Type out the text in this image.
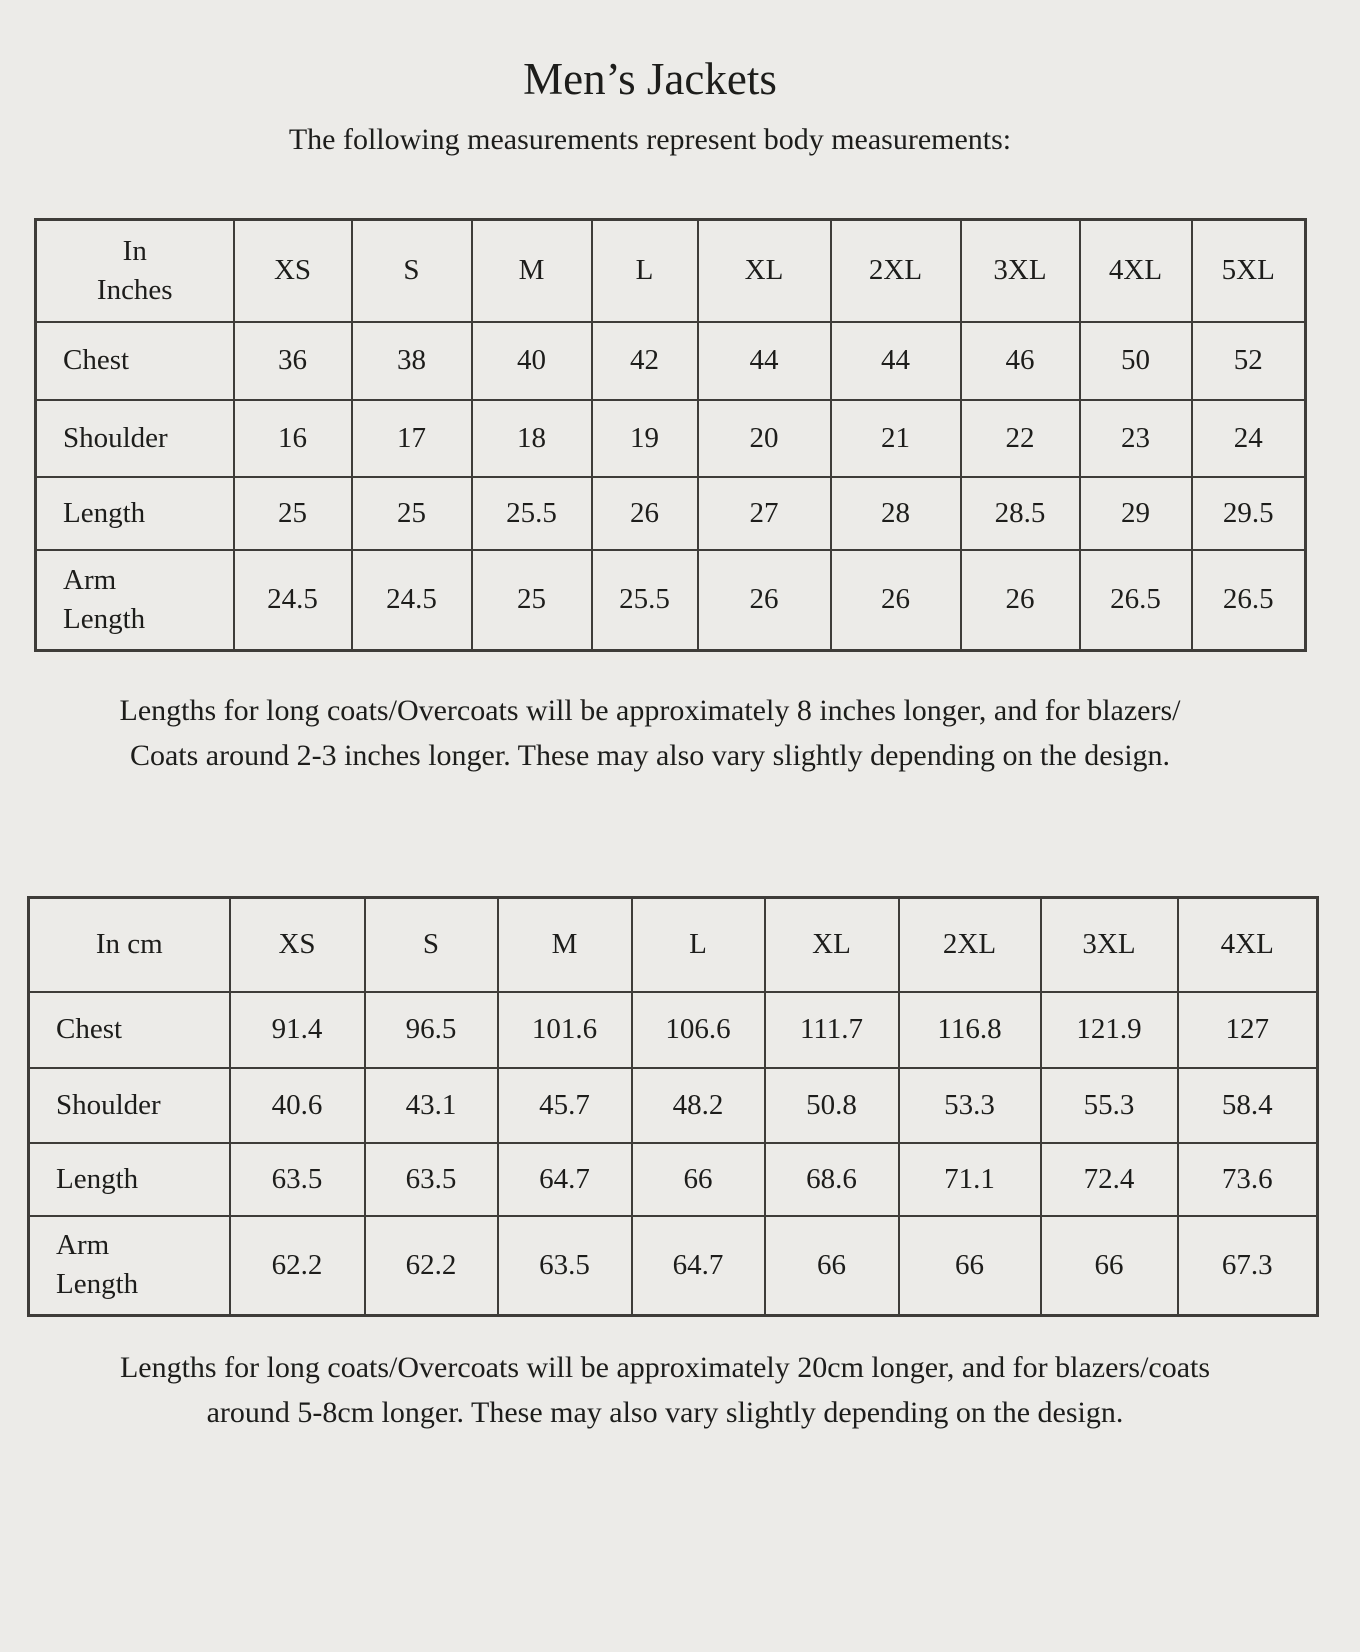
Men’s Jackets

The following measurements represent body measurements:

In Inches	XS	S	M	L	XL	2XL	3XL	4XL	5XL
Chest	36	38	40	42	44	44	46	50	52
Shoulder	16	17	18	19	20	21	22	23	24
Length	25	25	25.5	26	27	28	28.5	29	29.5
Arm Length	24.5	24.5	25	25.5	26	26	26	26.5	26.5

Lengths for long coats/Overcoats will be approximately 8 inches longer, and for blazers/
Coats around 2-3 inches longer. These may also vary slightly depending on the design.

In cm	XS	S	M	L	XL	2XL	3XL	4XL
Chest	91.4	96.5	101.6	106.6	111.7	116.8	121.9	127
Shoulder	40.6	43.1	45.7	48.2	50.8	53.3	55.3	58.4
Length	63.5	63.5	64.7	66	68.6	71.1	72.4	73.6
Arm Length	62.2	62.2	63.5	64.7	66	66	66	67.3

Lengths for long coats/Overcoats will be approximately 20cm longer, and for blazers/coats
around 5-8cm longer. These may also vary slightly depending on the design.
